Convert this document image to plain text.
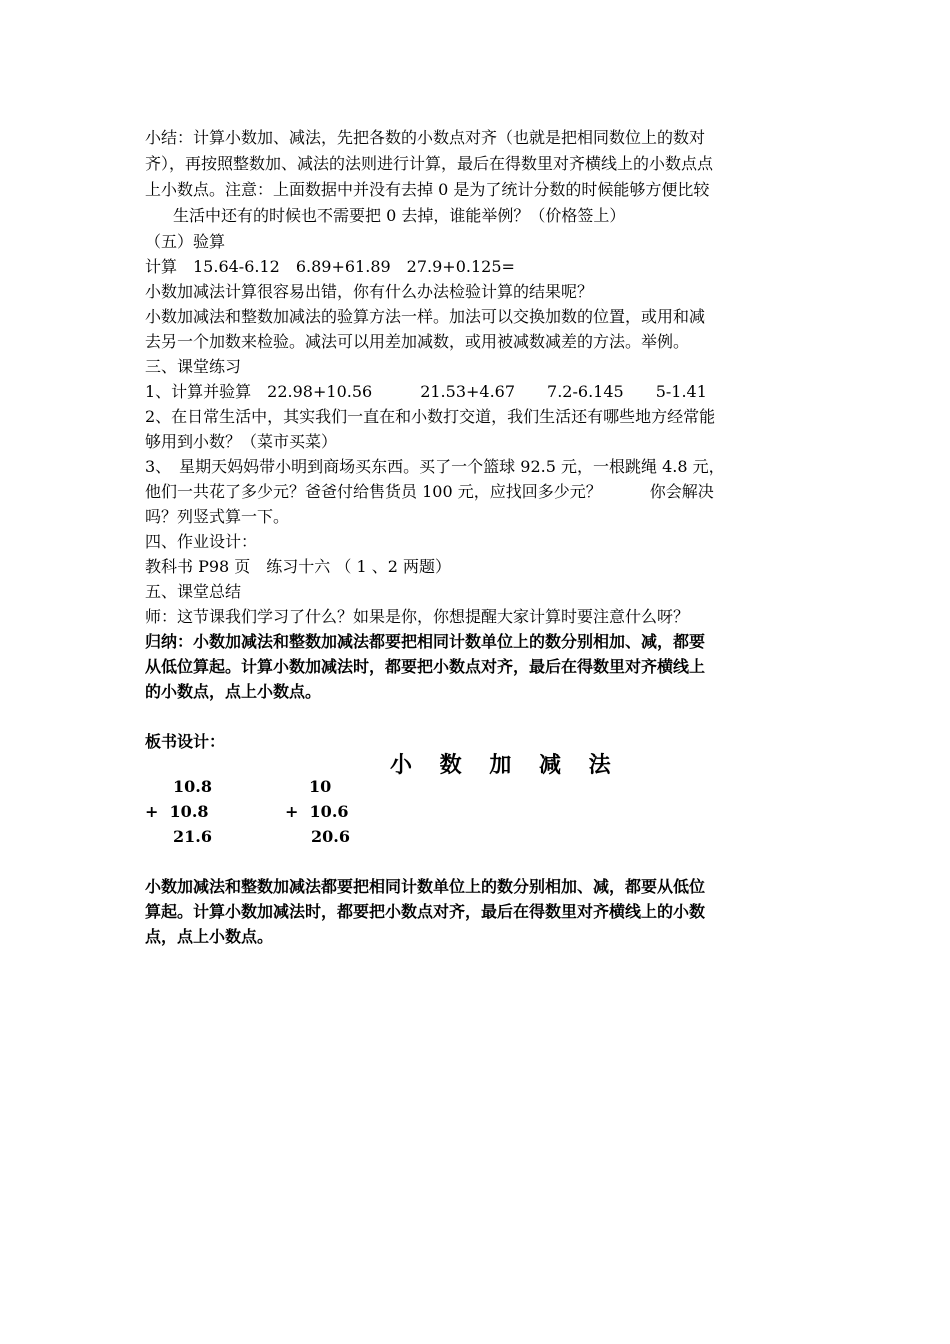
小结：计算小数加、减法，先把各数的小数点对齐（也就是把相同数位上的数对
齐），再按照整数加、减法的法则进行计算，最后在得数里对齐横线上的小数点点
上小数点。注意：上面数据中并没有去掉 0 是为了统计分数的时候能够方便比较
生活中还有的时候也不需要把 0 去掉，谁能举例？（价格签上）
（五）验算
计算　15.64-6.12　6.89+61.89　27.9+0.125=
小数加减法计算很容易出错，你有什么办法检验计算的结果呢？
小数加减法和整数加减法的验算方法一样。加法可以交换加数的位置，或用和减
去另一个加数来检验。减法可以用差加减数，或用被减数减差的方法。举例。
三、课堂练习
1、计算并验算　22.98+10.56　　　21.53+4.67　　7.2-6.145　　5-1.41
2、在日常生活中，其实我们一直在和小数打交道，我们生活还有哪些地方经常能
够用到小数？（菜市买菜）
3、　星期天妈妈带小明到商场买东西。买了一个篮球 92.5 元，一根跳绳 4.8 元，
他们一共花了多少元？爸爸付给售货员 100 元，应找回多少元？　　　你会解决
吗？列竖式算一下。
四、作业设计：
教科书 P98 页　练习十六 （ 1 、2 两题）
五、课堂总结
师：这节课我们学习了什么？如果是你，你想提醒大家计算时要注意什么呀？
归纳：小数加减法和整数加减法都要把相同计数单位上的数分别相加、减，都要
从低位算起。计算小数加减法时，都要把小数点对齐，最后在得数里对齐横线上
的小数点，点上小数点。
板书设计：
小 数 加 减 法
10.8
+  10.8
21.6
10
+  10.6
20.6
小数加减法和整数加减法都要把相同计数单位上的数分别相加、减，都要从低位
算起。计算小数加减法时，都要把小数点对齐，最后在得数里对齐横线上的小数
点，点上小数点。
